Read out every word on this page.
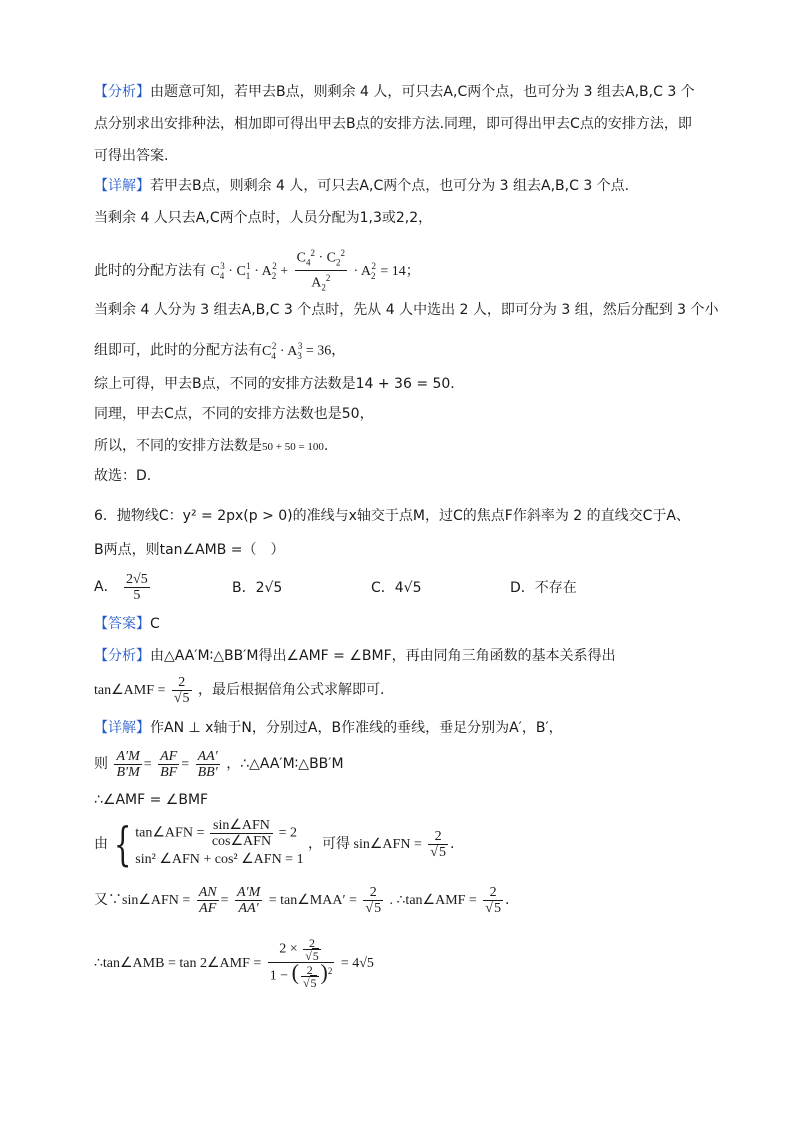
【分析】由题意可知，若甲去B点，则剩余 4 人，可只去A,C两个点，也可分为 3 组去A,B,C 3 个
点分别求出安排种法，相加即可得出甲去B点的安排方法.同理，即可得出甲去C点的安排方法，即
可得出答案.
【详解】若甲去B点，则剩余 4 人，可只去A,C两个点，也可分为 3 组去A,B,C 3 个点.
当剩余 4 人只去A,C两个点时，人员分配为1,3或2,2，
此时的分配方法有 $C_4^3 \cdot C_1^1 \cdot A_2^2 + \frac{C_4^2 \cdot C_2^2}{A_2^2} \cdot A_2^2 = 14$；
当剩余 4 人分为 3 组去A,B,C 3 个点时，先从 4 人中选出 2 人，即可分为 3 组，然后分配到 3 个小
组即可，此时的分配方法有$C_4^2 \cdot A_3^3 = 36$，
综上可得，甲去B点，不同的安排方法数是14 + 36 = 50.
同理，甲去C点，不同的安排方法数也是50，
所以，不同的安排方法数是50 + 50 = 100.
故选：D.
6．抛物线C：y² = 2px(p > 0)的准线与x轴交于点M，过C的焦点F作斜率为 2 的直线交C于A、
B两点，则tan∠AMB =（　）
A． $\frac{2√5}{5}$	B．2√5	C．4√5	D．不存在
【答案】C
【分析】由△AA′M∶△BB′M得出∠AMF = ∠BMF，再由同角三角函数的基本关系得出
tan∠AMF = $\frac{2}{√5}$ ，最后根据倍角公式求解即可.
【详解】作AN ⊥ x轴于N，分别过A，B作准线的垂线，垂足分别为A′，B′，
则 $\frac{A'M}{B'M} = \frac{AF}{BF} = \frac{AA'}{BB'}$ ，∴△AA′M∶△BB′M
∴∠AMF = ∠BMF
由 { tan∠AFN = $\frac{\text{sin∠AFN}}{\text{cos∠AFN}} = 2$
sin² ∠AFN + cos² ∠AFN = 1
，可得 sin∠AFN = $\frac{2}{√5}$ .
又∵sin∠AFN = $\frac{AN}{AF} = \frac{A'M}{AA'}$ = tan∠MAA′ = $\frac{2}{√5}$ . ∴tan∠AMF = $\frac{2}{√5}$ .
∴tan∠AMB = tan 2∠AMF = $\frac{2 \times \frac{2}{√5}}{1 - ( \frac{2}{√5} )^2} = 4√5$
